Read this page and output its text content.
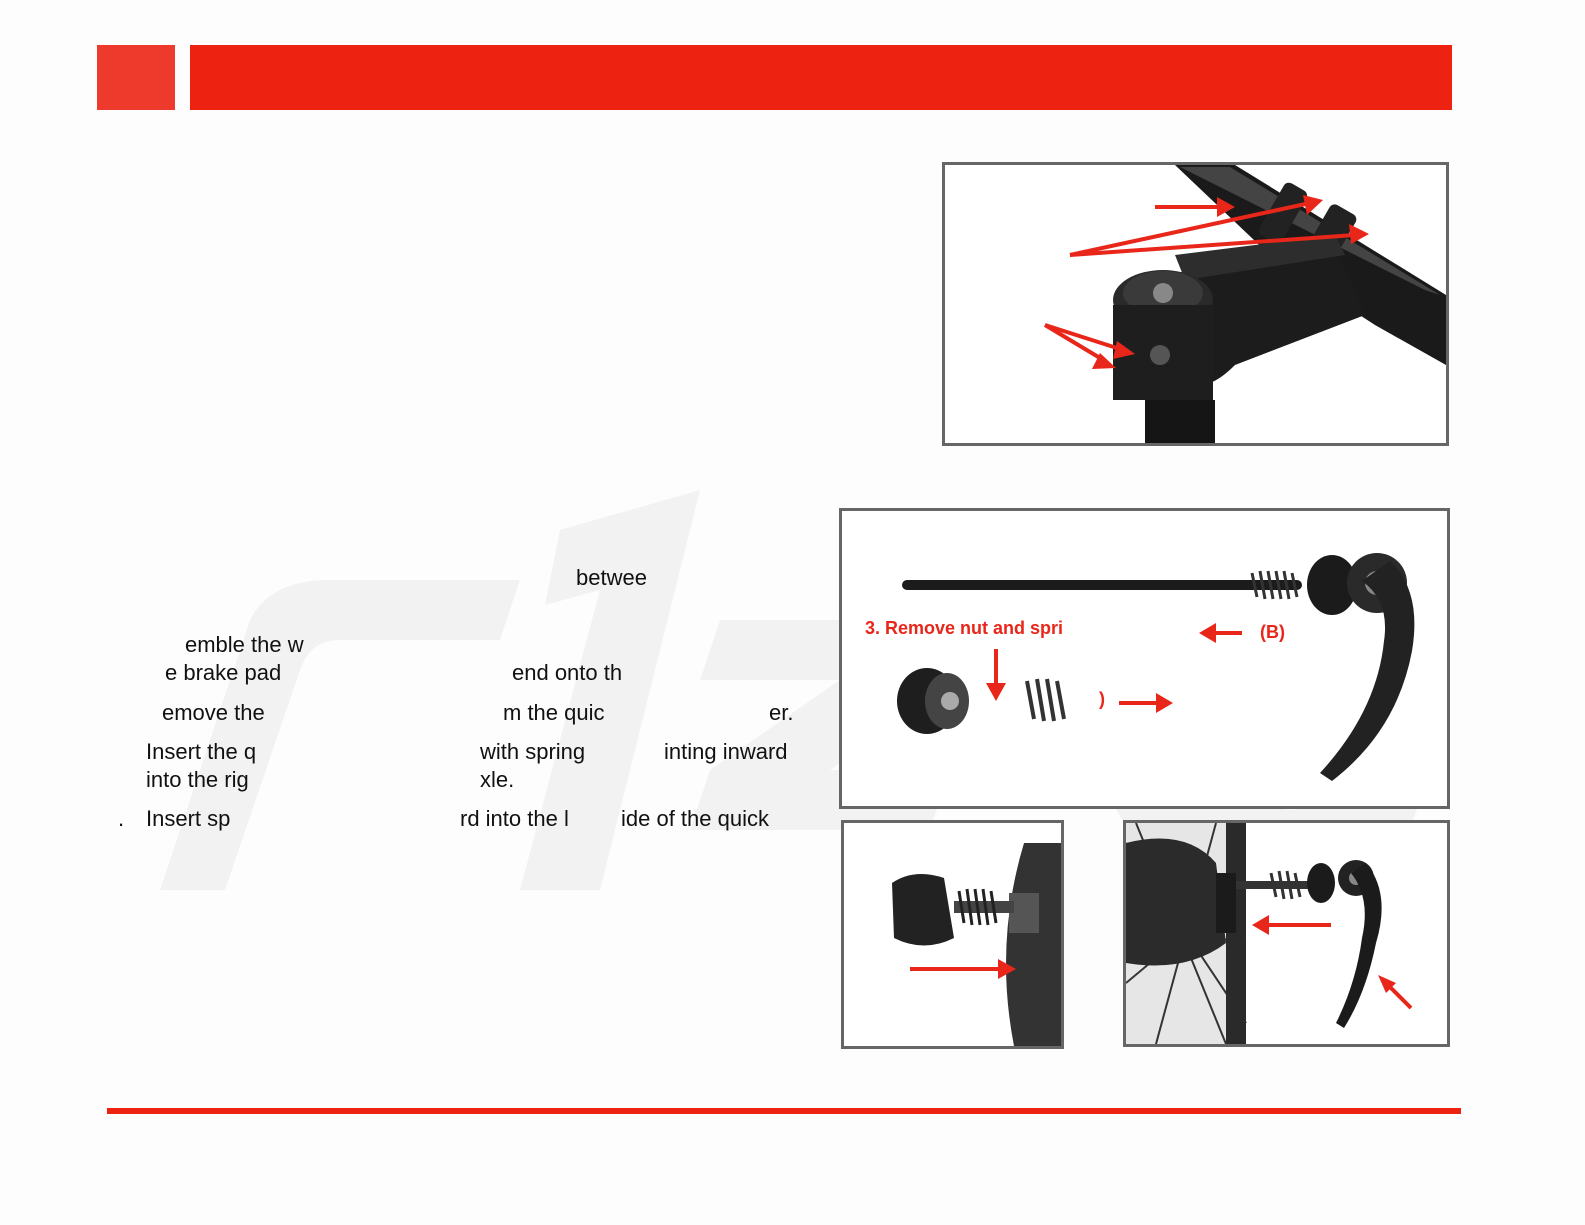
betwee
emble the w
e brake pad	end onto th
emove the	m the quic	er.
Insert the q	with spring	inting inward
into the rig	xle.
. Insert sp	rd into the l ide of the quick
3. Remove nut and spri	(B)
)
